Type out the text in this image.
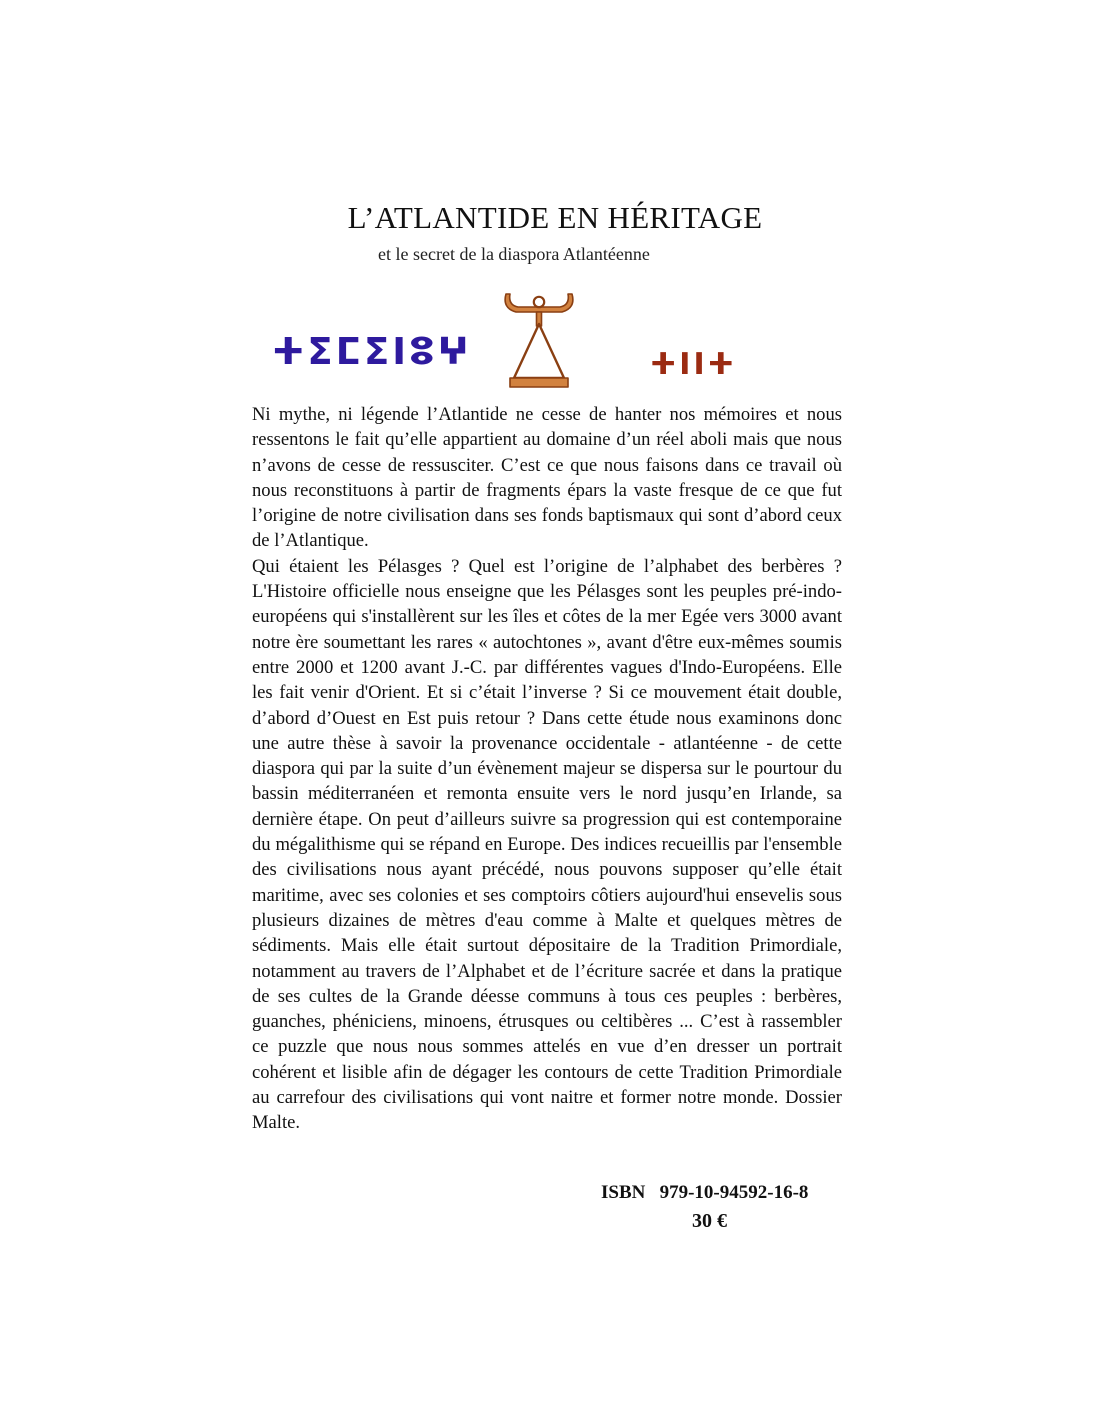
L’ATLANTIDE EN HÉRITAGE
et le secret de la diaspora Atlantéenne
ⵜⵉⵎⵉⵏⵓⵖ	ⵜⵏⵏⵜ

Ni mythe, ni légende l’Atlantide ne cesse de hanter nos mémoires et nous ressentons le fait qu’elle appartient au domaine d’un réel aboli mais que nous n’avons de cesse de ressusciter. C’est ce que nous faisons dans ce travail où nous reconstituons à partir de fragments épars la vaste fresque de ce que fut l’origine de notre civilisation dans ses fonds baptismaux qui sont d’abord ceux de l’Atlantique.

Qui étaient les Pélasges ? Quel est l’origine de l’alphabet des berbères ? L'Histoire officielle nous enseigne que les Pélasges sont les peuples pré-indo-européens qui s'installèrent sur les îles et côtes de la mer Egée vers 3000 avant notre ère soumettant les rares « autochtones », avant d'être eux-mêmes soumis entre 2000 et 1200 avant J.-C. par différentes vagues d'Indo-Européens. Elle les fait venir d'Orient. Et si c’était l’inverse ? Si ce mouvement était double, d’abord d’Ouest en Est puis retour ? Dans cette étude nous examinons donc une autre thèse à savoir la provenance occidentale - atlantéenne - de cette diaspora qui par la suite d’un évènement majeur se dispersa sur le pourtour du bassin méditerranéen et remonta ensuite vers le nord jusqu’en Irlande, sa dernière étape. On peut d’ailleurs suivre sa progression qui est contemporaine du mégalithisme qui se répand en Europe. Des indices recueillis par l'ensemble des civilisations nous ayant précédé, nous pouvons supposer qu’elle était maritime, avec ses colonies et ses comptoirs côtiers aujourd'hui ensevelis sous plusieurs dizaines de mètres d'eau comme à Malte et quelques mètres de sédiments. Mais elle était surtout dépositaire de la Tradition Primordiale, notamment au travers de l’Alphabet et de l’écriture sacrée et dans la pratique de ses cultes de la Grande déesse communs à tous ces peuples : berbères, guanches, phéniciens, minoens, étrusques ou celtibères ... C’est à rassembler ce puzzle que nous nous sommes attelés en vue d’en dresser un portrait cohérent et lisible afin de dégager les contours de cette Tradition Primordiale au carrefour des civilisations qui vont naitre et former notre monde. Dossier Malte.

ISBN   979-10-94592-16-8
30 €
